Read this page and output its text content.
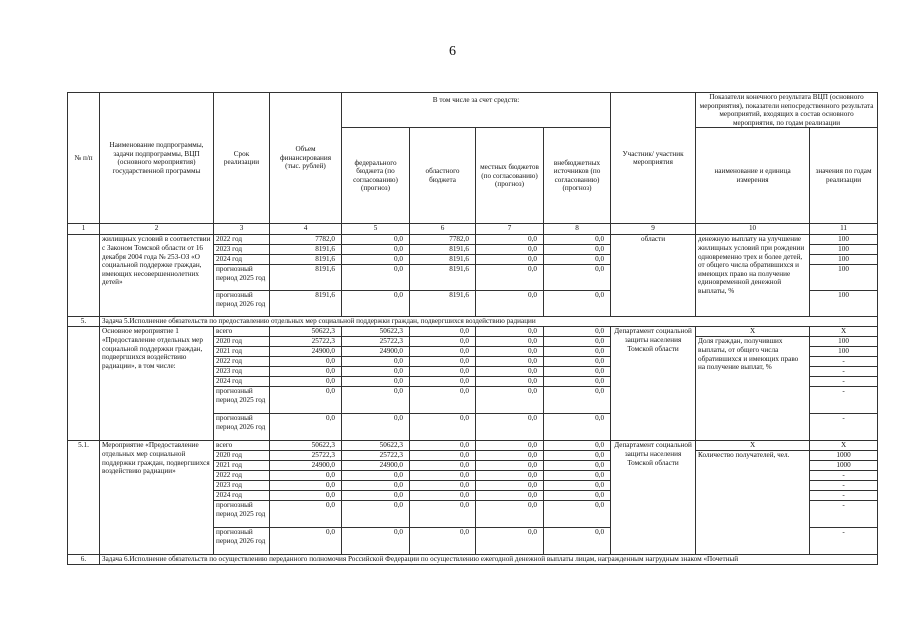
6
№ п/п	Наименование подпрограммы, задачи подпрограммы, ВЦП (основного мероприятия) государственной программы	Срок реализации	Объем финансирования (тыс. рублей)	В том числе за счет средств:				Участник/ участник мероприятия	Показатели конечного результата ВЦП (основного мероприятия), показатели непосредственного результата мероприятий, входящих в состав основного мероприятия, по годам реализации	
				федерального бюджета (по согласованию) (прогноз)	областного бюджета	местных бюджетов (по согласованию) (прогноз)	внебюджетных источников (по согласованию) (прогноз)		наименование и единица измерения	значения по годам реализации
1	2	3	4	5	6	7	8	9	10	11
	жилищных условий в соответствии с Законом Томской области от 16 декабря 2004 года № 253-ОЗ «О социальной поддержке граждан, имеющих несовершеннолетних детей»	2022 год	7782,0	0,0	7782,0	0,0	0,0	области	денежную выплату на улучшение жилищных условий при рождении одновременно трех и более детей, от общего числа обратившихся и имеющих право на получение единовременной денежной выплаты, %	100
		2023 год	8191,6	0,0	8191,6	0,0	0,0			100
		2024 год	8191,6	0,0	8191,6	0,0	0,0			100
		прогнозный период 2025 год	8191,6	0,0	8191,6	0,0	0,0			100
		прогнозный период 2026 год	8191,6	0,0	8191,6	0,0	0,0			100
5.	Задача 5.Исполнение обязательств по предоставлению отдельных мер социальной поддержки граждан, подвергшихся воздействию радиации									
	Основное мероприятие 1 «Предоставление отдельных мер социальной поддержки граждан, подвергшихся воздействию радиации», в том числе:	всего	50622,3	50622,3	0,0	0,0	0,0	Департамент социальной защиты населения Томской области	Х	Х
		2020 год	25722,3	25722,3	0,0	0,0	0,0		Доля граждан, получивших выплаты, от общего числа обратившихся и имеющих право на получение выплат, %	100
		2021 год	24900,0	24900,0	0,0	0,0	0,0			100
		2022 год	0,0	0,0	0,0	0,0	0,0			-
		2023 год	0,0	0,0	0,0	0,0	0,0			-
		2024 год	0,0	0,0	0,0	0,0	0,0			-
		прогнозный период 2025 год	0,0	0,0	0,0	0,0	0,0			-
		прогнозный период 2026 год	0,0	0,0	0,0	0,0	0,0			-
5.1.	Мероприятие «Предоставление отдельных мер социальной поддержки граждан, подвергшихся воздействию радиации»	всего	50622,3	50622,3	0,0	0,0	0,0	Департамент социальной защиты населения Томской области	Х	Х
		2020 год	25722,3	25722,3	0,0	0,0	0,0		Количество получателей, чел.	1000
		2021 год	24900,0	24900,0	0,0	0,0	0,0			1000
		2022 год	0,0	0,0	0,0	0,0	0,0			-
		2023 год	0,0	0,0	0,0	0,0	0,0			-
		2024 год	0,0	0,0	0,0	0,0	0,0			-
		прогнозный период 2025 год	0,0	0,0	0,0	0,0	0,0			-
		прогнозный период 2026 год	0,0	0,0	0,0	0,0	0,0			-
6.	Задача 6.Исполнение обязательств по осуществлению переданного полномочия Российской Федерации по осуществлению ежегодной денежной выплаты лицам, награжденным нагрудным знаком «Почетный									
